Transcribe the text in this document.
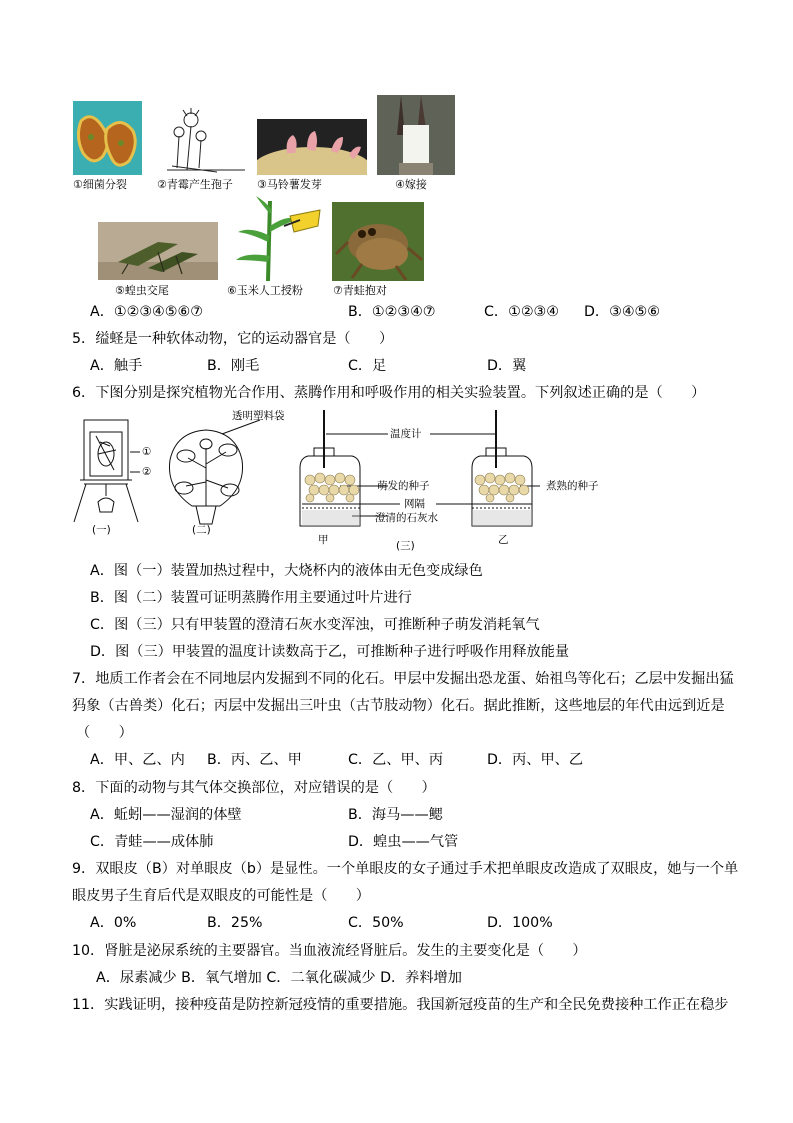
①细菌分裂	②青霉产生孢子 ③马铃薯发芽	④嫁接
⑤蝗虫交尾	⑥玉米人工授粉	⑦青蛙抱对
A．①②③④⑤⑥⑦	B．①②③④⑦	C．①②③④ D．③④⑤⑥
5．缢蛏是一种软体动物，它的运动器官是（　　）
A．触手	B．刚毛	C．足	D．翼
6．下图分别是探究植物光合作用、蒸腾作用和呼吸作用的相关实验装置。下列叙述正确的是（　　）
①
②
(一)
透明塑料袋
(二)
温度计
萌发的种子	煮熟的种子
网隔
澄清的石灰水
甲	(三)	乙
A．图（一）装置加热过程中，大烧杯内的液体由无色变成绿色
B．图（二）装置可证明蒸腾作用主要通过叶片进行
C．图（三）只有甲装置的澄清石灰水变浑浊，可推断种子萌发消耗氧气
D．图（三）甲装置的温度计读数高于乙，可推断种子进行呼吸作用释放能量
7．地质工作者会在不同地层内发掘到不同的化石。甲层中发掘出恐龙蛋、始祖鸟等化石；乙层中发掘出猛
犸象（古兽类）化石；丙层中发掘出三叶虫（古节肢动物）化石。据此推断，这些地层的年代由远到近是
（　　）
A．甲、乙、内 B．丙、乙、甲	C．乙、甲、丙	D．丙、甲、乙
8．下面的动物与其气体交换部位，对应错误的是（　　）
A．蚯蚓——湿润的体壁	B．海马——鳃
C．青蛙——成体肺	D．蝗虫——气管
9．双眼皮（B）对单眼皮（b）是显性。一个单眼皮的女子通过手术把单眼皮改造成了双眼皮，她与一个单
眼皮男子生育后代是双眼皮的可能性是（　　）
A．0%	B．25%	C．50%	D．100%
10．肾脏是泌尿系统的主要器官。当血液流经肾脏后。发生的主要变化是（　　）
A．尿素减少 B．氧气增加 C．二氧化碳减少 D．养料增加
11．实践证明，接种疫苗是防控新冠疫情的重要措施。我国新冠疫苗的生产和全民免费接种工作正在稳步
